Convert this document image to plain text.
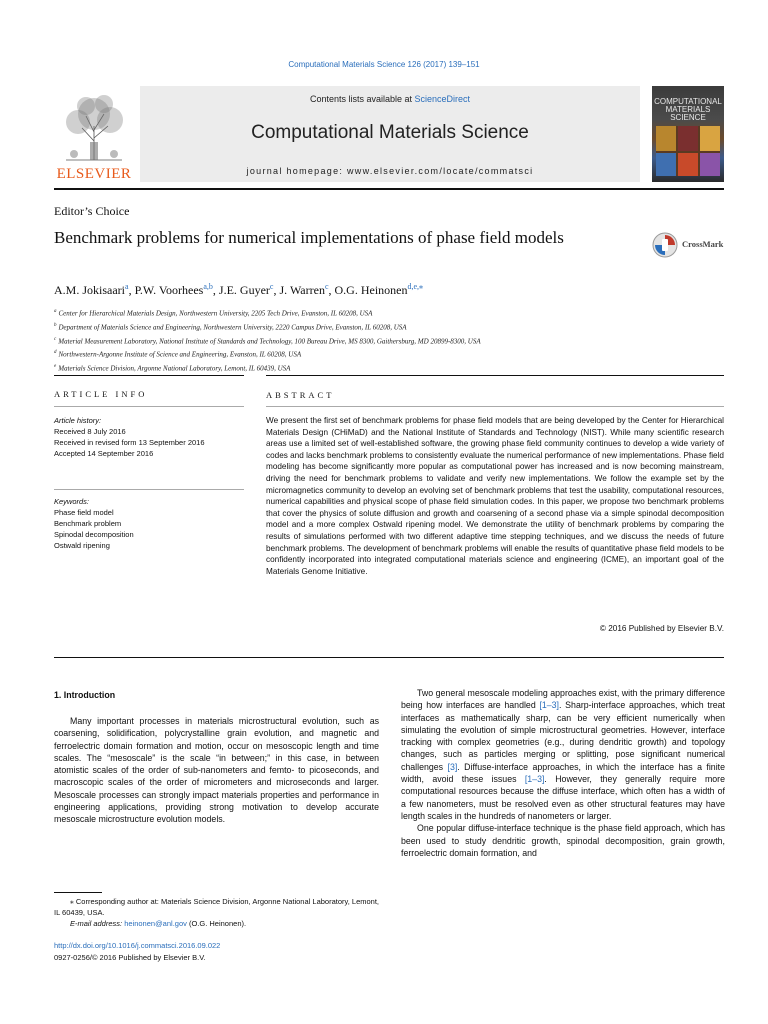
Computational Materials Science 126 (2017) 139–151
Contents lists available at ScienceDirect
Computational Materials Science
journal homepage: www.elsevier.com/locate/commatsci
ELSEVIER
COMPUTATIONAL MATERIALS SCIENCE
Editor’s Choice
Benchmark problems for numerical implementations of phase field models	CrossMark
A.M. Jokisaari$^a$, P.W. Voorhees$^{a,b}$, J.E. Guyer$^c$, J. Warren$^c$, O.G. Heinonen$^{d,e,⁎}$
$^a$ Center for Hierarchical Materials Design, Northwestern University, 2205 Tech Drive, Evanston, IL 60208, USA
$^b$ Department of Materials Science and Engineering, Northwestern University, 2220 Campus Drive, Evanston, IL 60208, USA
$^c$ Material Measurement Laboratory, National Institute of Standards and Technology, 100 Bureau Drive, MS 8300, Gaithersburg, MD 20899-8300, USA
$^d$ Northwestern-Argonne Institute of Science and Engineering, Evanston, IL 60208, USA
$^e$ Materials Science Division, Argonne National Laboratory, Lemont, IL 60439, USA
ARTICLE INFO	ABSTRACT
Article history:
Received 8 July 2016
Received in revised form 13 September 2016
Accepted 14 September 2016
Keywords:
Phase field model
Benchmark problem
Spinodal decomposition
Ostwald ripening
We present the first set of benchmark problems for phase field models that are being developed by the Center for Hierarchical Materials Design (CHiMaD) and the National Institute of Standards and Technology (NIST). While many scientific research areas use a limited set of well-established software, the growing phase field community continues to develop a wide variety of codes and lacks benchmark problems to consistently evaluate the numerical performance of new implementations. Phase field modeling has become significantly more popular as computational power has increased and is now becoming mainstream, driving the need for benchmark problems to validate and verify new implementations. We follow the example set by the micromagnetics community to develop an evolving set of benchmark problems that test the usability, computational resources, numerical capabilities and physical scope of phase field simulation codes. In this paper, we propose two benchmark problems that cover the physics of solute diffusion and growth and coarsening of a second phase via a simple spinodal decomposition model and a more complex Ostwald ripening model. We demonstrate the utility of benchmark problems by comparing the results of simulations performed with two different adaptive time stepping techniques, and we discuss the needs of future benchmark problems. The development of benchmark problems will enable the results of quantitative phase field models to be confidently incorporated into integrated computational materials science and engineering (ICME), an important goal of the Materials Genome Initiative.
© 2016 Published by Elsevier B.V.
1. Introduction

Many important processes in materials microstructural evolution, such as coarsening, solidification, polycrystalline grain evolution, and magnetic and ferroelectric domain formation and motion, occur on mesoscopic length and time scales. The “mesoscale” is the scale “in between;” in this case, in between atomistic scales of the order of sub-nanometers and femto- to picoseconds, and macroscopic scales of the order of micrometers and microseconds and larger. Mesoscale processes can strongly impact materials properties and performance in engineering applications, providing strong motivation to develop accurate mesoscale microstructure evolution models.

Two general mesoscale modeling approaches exist, with the primary difference being how interfaces are handled [1–3]. Sharp-interface approaches, which treat interfaces as mathematically sharp, can be very efficient numerically when simulating the evolution of simple microstructural geometries. However, interface tracking with complex geometries (e.g., during dendritic growth) and topology changes, such as particles merging or splitting, pose significant numerical challenges [3]. Diffuse-interface approaches, in which the interface has a finite width, avoid these issues [1–3]. However, they generally require more computational resources because the diffuse interface, which often has a width of a few nanometers, must be resolved even as other structural features may have length scales in the hundreds of nanometers or larger.

One popular diffuse-interface technique is the phase field approach, which has been used to study dendritic growth, spinodal decomposition, grain growth, ferroelectric domain formation, and

⁎ Corresponding author at: Materials Science Division, Argonne National Laboratory, Lemont, IL 60439, USA.
E-mail address: heinonen@anl.gov (O.G. Heinonen).
http://dx.doi.org/10.1016/j.commatsci.2016.09.022
0927-0256/© 2016 Published by Elsevier B.V.
